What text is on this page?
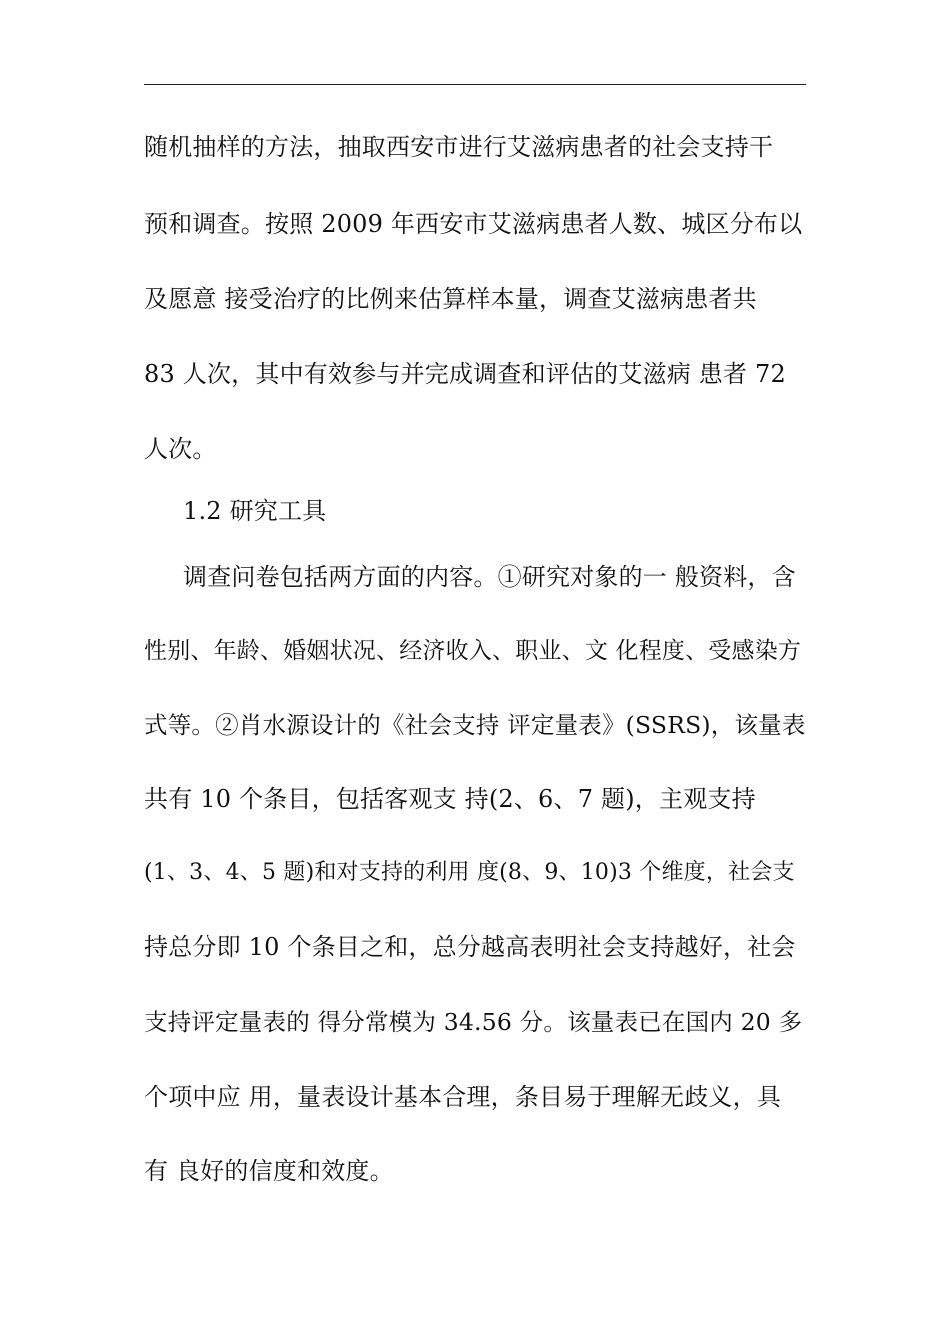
随机抽样的方法，抽取西安市进行艾滋病患者的社会支持干
预和调查。按照 2009 年西安市艾滋病患者人数、城区分布以
及愿意 接受治疗的比例来估算样本量，调查艾滋病患者共
83 人次，其中有效参与并完成调查和评估的艾滋病 患者 72
人次。
1.2 研究工具
调查问卷包括两方面的内容。①研究对象的一 般资料，含
性别、年龄、婚姻状况、经济收入、职业、文 化程度、受感染方
式等。②肖水源设计的《社会支持 评定量表》(SSRS)，该量表
共有 10 个条目，包括客观支 持(2、6、7 题)，主观支持
(1、3、4、5 题)和对支持的利用 度(8、9、10)3 个维度，社会支
持总分即 10 个条目之和，总分越高表明社会支持越好，社会
支持评定量表的 得分常模为 34.56 分。该量表已在国内 20 多
个项中应 用，量表设计基本合理，条目易于理解无歧义，具
有 良好的信度和效度。
